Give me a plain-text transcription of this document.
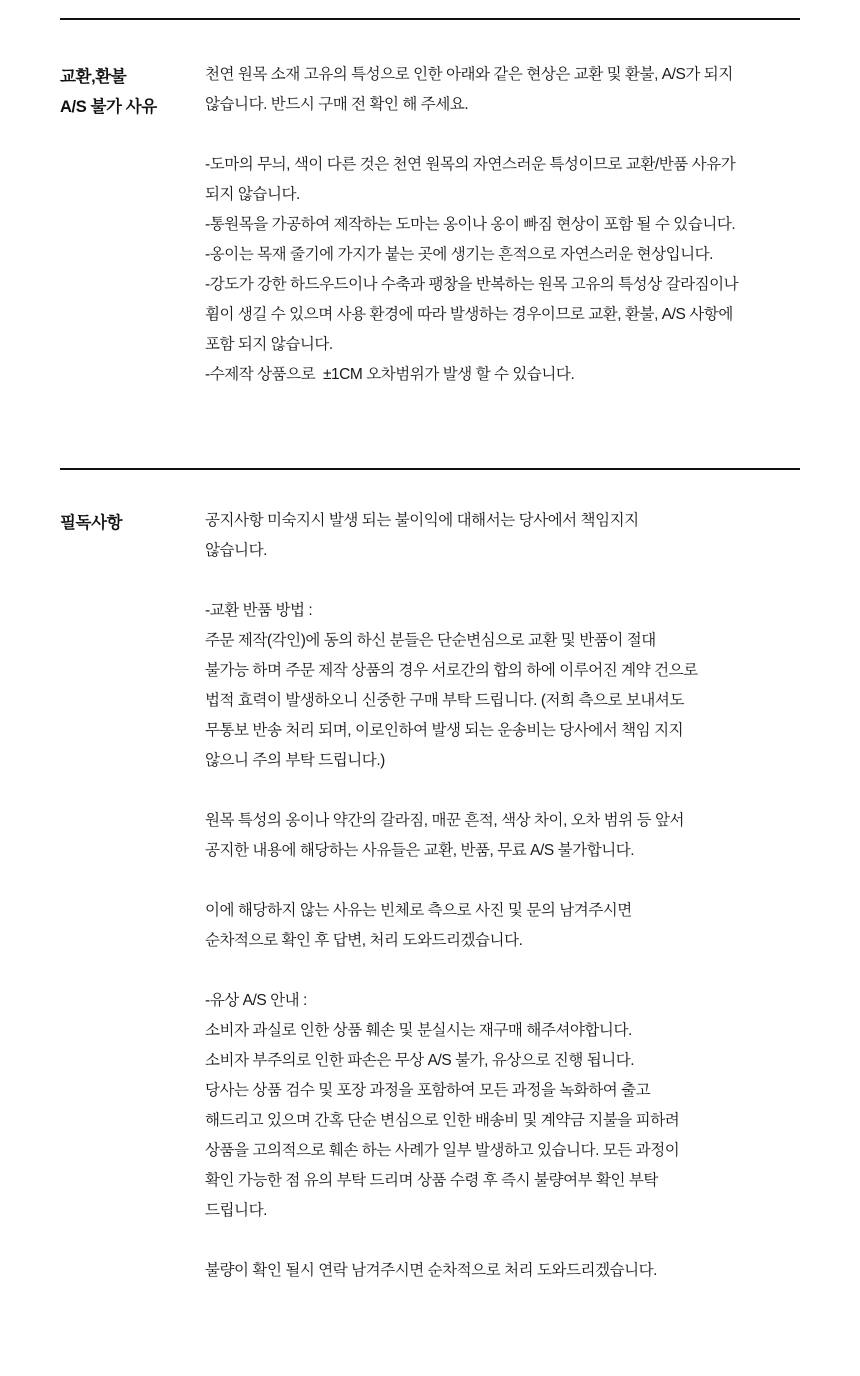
교환,환불
A/S 불가 사유

천연 원목 소재 고유의 특성으로 인한 아래와 같은 현상은 교환 및 환불, A/S가 되지
않습니다. 반드시 구매 전 확인 해 주세요.

-도마의 무늬, 색이 다른 것은 천연 원목의 자연스러운 특성이므로 교환/반품 사유가
되지 않습니다.
-통원목을 가공하여 제작하는 도마는 옹이나 옹이 빠짐 현상이 포함 될 수 있습니다.
-옹이는 목재 줄기에 가지가 붙는 곳에 생기는 흔적으로 자연스러운 현상입니다.
-강도가 강한 하드우드이나 수축과 팽창을 반복하는 원목 고유의 특성상 갈라짐이나
휨이 생길 수 있으며 사용 환경에 따라 발생하는 경우이므로 교환, 환불, A/S 사항에
포함 되지 않습니다.
-수제작 상품으로  ±1CM 오차범위가 발생 할 수 있습니다.

필독사항	공지사항 미숙지시 발생 되는 불이익에 대해서는 당사에서 책임지지
않습니다.

-교환 반품 방법 :
주문 제작(각인)에 동의 하신 분들은 단순변심으로 교환 및 반품이 절대
불가능 하며 주문 제작 상품의 경우 서로간의 합의 하에 이루어진 계약 건으로
법적 효력이 발생하오니 신중한 구매 부탁 드립니다. (저희 측으로 보내셔도
무통보 반송 처리 되며, 이로인하여 발생 되는 운송비는 당사에서 책임 지지
않으니 주의 부탁 드립니다.)

원목 특성의 옹이나 약간의 갈라짐, 매꾼 흔적, 색상 차이, 오차 범위 등 앞서
공지한 내용에 해당하는 사유들은 교환, 반품, 무료 A/S 불가합니다.

이에 해당하지 않는 사유는 빈체로 측으로 사진 및 문의 남겨주시면
순차적으로 확인 후 답변, 처리 도와드리겠습니다.

-유상 A/S 안내 :
소비자 과실로 인한 상품 훼손 및 분실시는 재구매 해주셔야합니다.
소비자 부주의로 인한 파손은 무상 A/S 불가, 유상으로 진행 됩니다.
당사는 상품 검수 및 포장 과정을 포함하여 모든 과정을 녹화하여 출고
해드리고 있으며 간혹 단순 변심으로 인한 배송비 및 계약금 지불을 피하려
상품을 고의적으로 훼손 하는 사례가 일부 발생하고 있습니다. 모든 과정이
확인 가능한 점 유의 부탁 드리며 상품 수령 후 즉시 불량여부 확인 부탁
드립니다.

불량이 확인 될시 연락 남겨주시면 순차적으로 처리 도와드리겠습니다.
